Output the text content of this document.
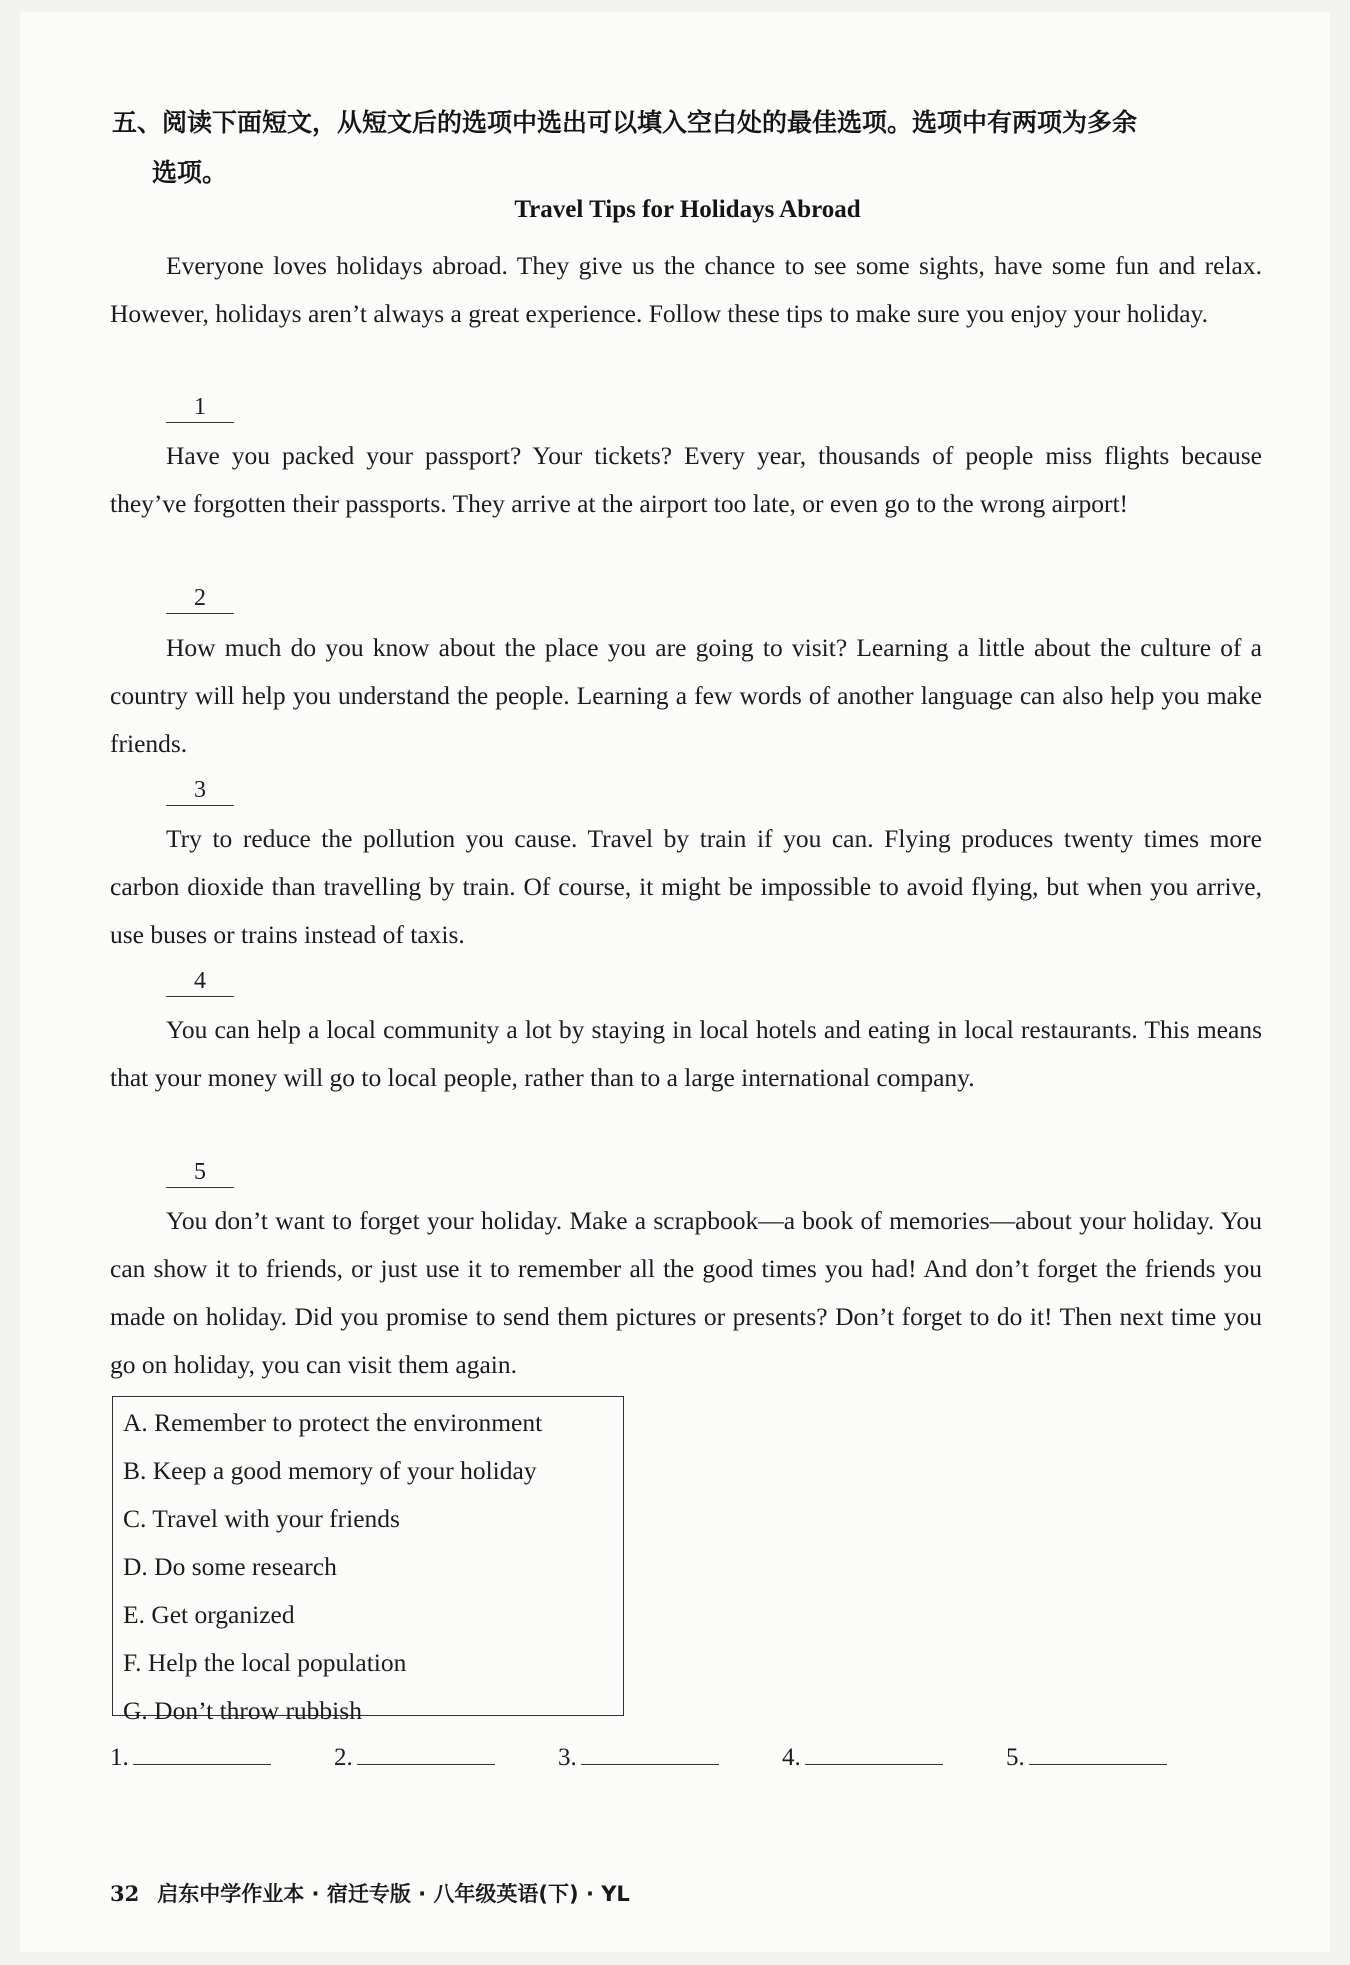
五、阅读下面短文，从短文后的选项中选出可以填入空白处的最佳选项。选项中有两项为多余
选项。
Travel Tips for Holidays Abroad

Everyone loves holidays abroad. They give us the chance to see some sights, have some fun and relax. However, holidays aren’t always a great experience. Follow these tips to make sure you enjoy your holiday.

1

Have you packed your passport? Your tickets? Every year, thousands of people miss flights because they’ve forgotten their passports. They arrive at the airport too late, or even go to the wrong airport!

2

How much do you know about the place you are going to visit? Learning a little about the culture of a country will help you understand the people. Learning a few words of another language can also help you make friends.

3

Try to reduce the pollution you cause. Travel by train if you can. Flying produces twenty times more carbon dioxide than travelling by train. Of course, it might be impossible to avoid flying, but when you arrive, use buses or trains instead of taxis.

4

You can help a local community a lot by staying in local hotels and eating in local restaurants. This means that your money will go to local people, rather than to a large international company.

5

You don’t want to forget your holiday. Make a scrapbook—a book of memories—about your holiday. You can show it to friends, or just use it to remember all the good times you had! And don’t forget the friends you made on holiday. Did you promise to send them pictures or presents? Don’t forget to do it! Then next time you go on holiday, you can visit them again.

A. Remember to protect the environment
B. Keep a good memory of your holiday
C. Travel with your friends
D. Do some research
E. Get organized
F. Help the local population
G. Don’t throw rubbish
1.	2.	3.	4.	5.
32 启东中学作业本 · 宿迁专版 · 八年级英语(下) · YL
